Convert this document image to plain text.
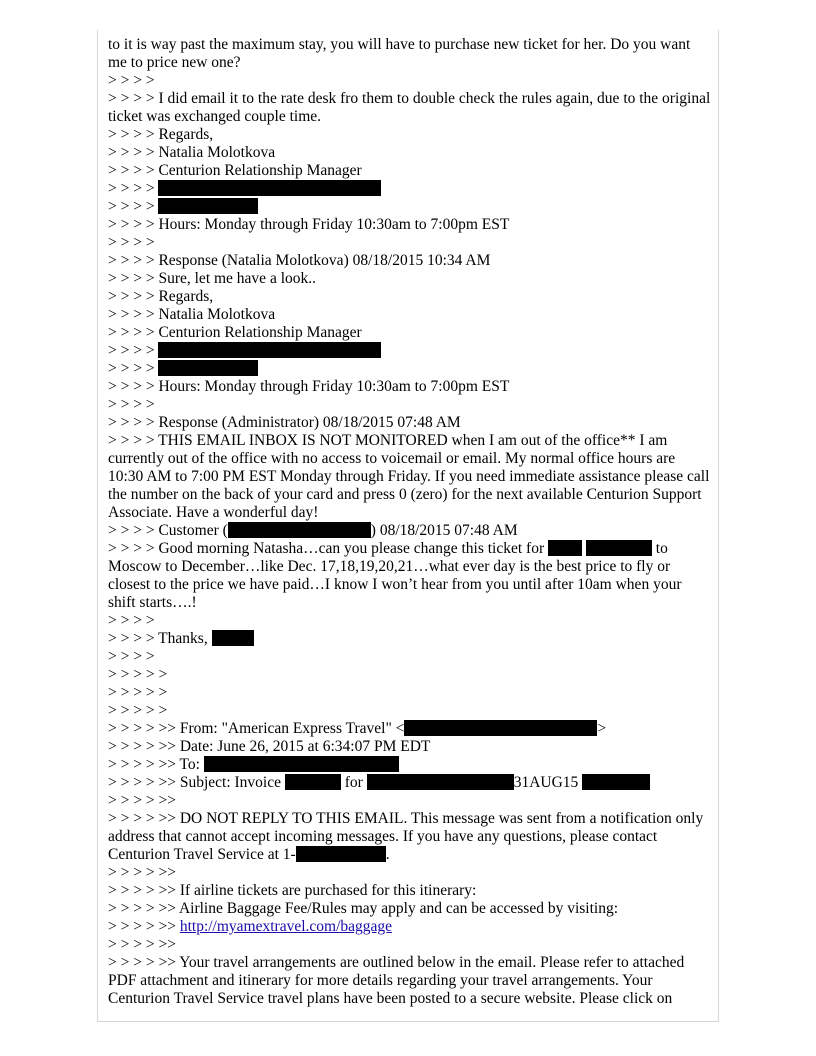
to it is way past the maximum stay, you will have to purchase new ticket for her. Do you want me to price new one?
> > > >
> > > > I did email it to the rate desk fro them to double check the rules again, due to the original ticket was exchanged couple time.
> > > > Regards,
> > > > Natalia Molotkova
> > > > Centurion Relationship Manager
> > > >
> > > >
> > > > Hours: Monday through Friday 10:30am to 7:00pm EST
> > > >
> > > > Response (Natalia Molotkova) 08/18/2015 10:34 AM
> > > > Sure, let me have a look..
> > > > Regards,
> > > > Natalia Molotkova
> > > > Centurion Relationship Manager
> > > >
> > > >
> > > > Hours: Monday through Friday 10:30am to 7:00pm EST
> > > >
> > > > Response (Administrator) 08/18/2015 07:48 AM
> > > > THIS EMAIL INBOX IS NOT MONITORED when I am out of the office** I am currently out of the office with no access to voicemail or email. My normal office hours are 10:30 AM to 7:00 PM EST Monday through Friday. If you need immediate assistance please call the number on the back of your card and press 0 (zero) for the next available Centurion Support Associate. Have a wonderful day!
> > > > Customer (	) 08/18/2015 07:48 AM
> > > > Good morning Natasha…can you please change this ticket for	to Moscow to December…like Dec. 17,18,19,20,21…what ever day is the best price to fly or closest to the price we have paid…I know I won’t hear from you until after 10am when your shift starts….!
> > > >
> > > > Thanks,
> > > >
> > > > >
> > > > >
> > > > >
> > > > >> From: "American Express Travel" <	>
> > > > >> Date: June 26, 2015 at 6:34:07 PM EDT
> > > > >> To:
> > > > >> Subject: Invoice	for	31AUG15
> > > > >>
> > > > >> DO NOT REPLY TO THIS EMAIL. This message was sent from a notification only address that cannot accept incoming messages. If you have any questions, please contact Centurion Travel Service at 1-	.
> > > > >>
> > > > >> If airline tickets are purchased for this itinerary:
> > > > >> Airline Baggage Fee/Rules may apply and can be accessed by visiting:
> > > > >> http://myamextravel.com/baggage
> > > > >>
> > > > >> Your travel arrangements are outlined below in the email. Please refer to attached PDF attachment and itinerary for more details regarding your travel arrangements. Your Centurion Travel Service travel plans have been posted to a secure website. Please click on
